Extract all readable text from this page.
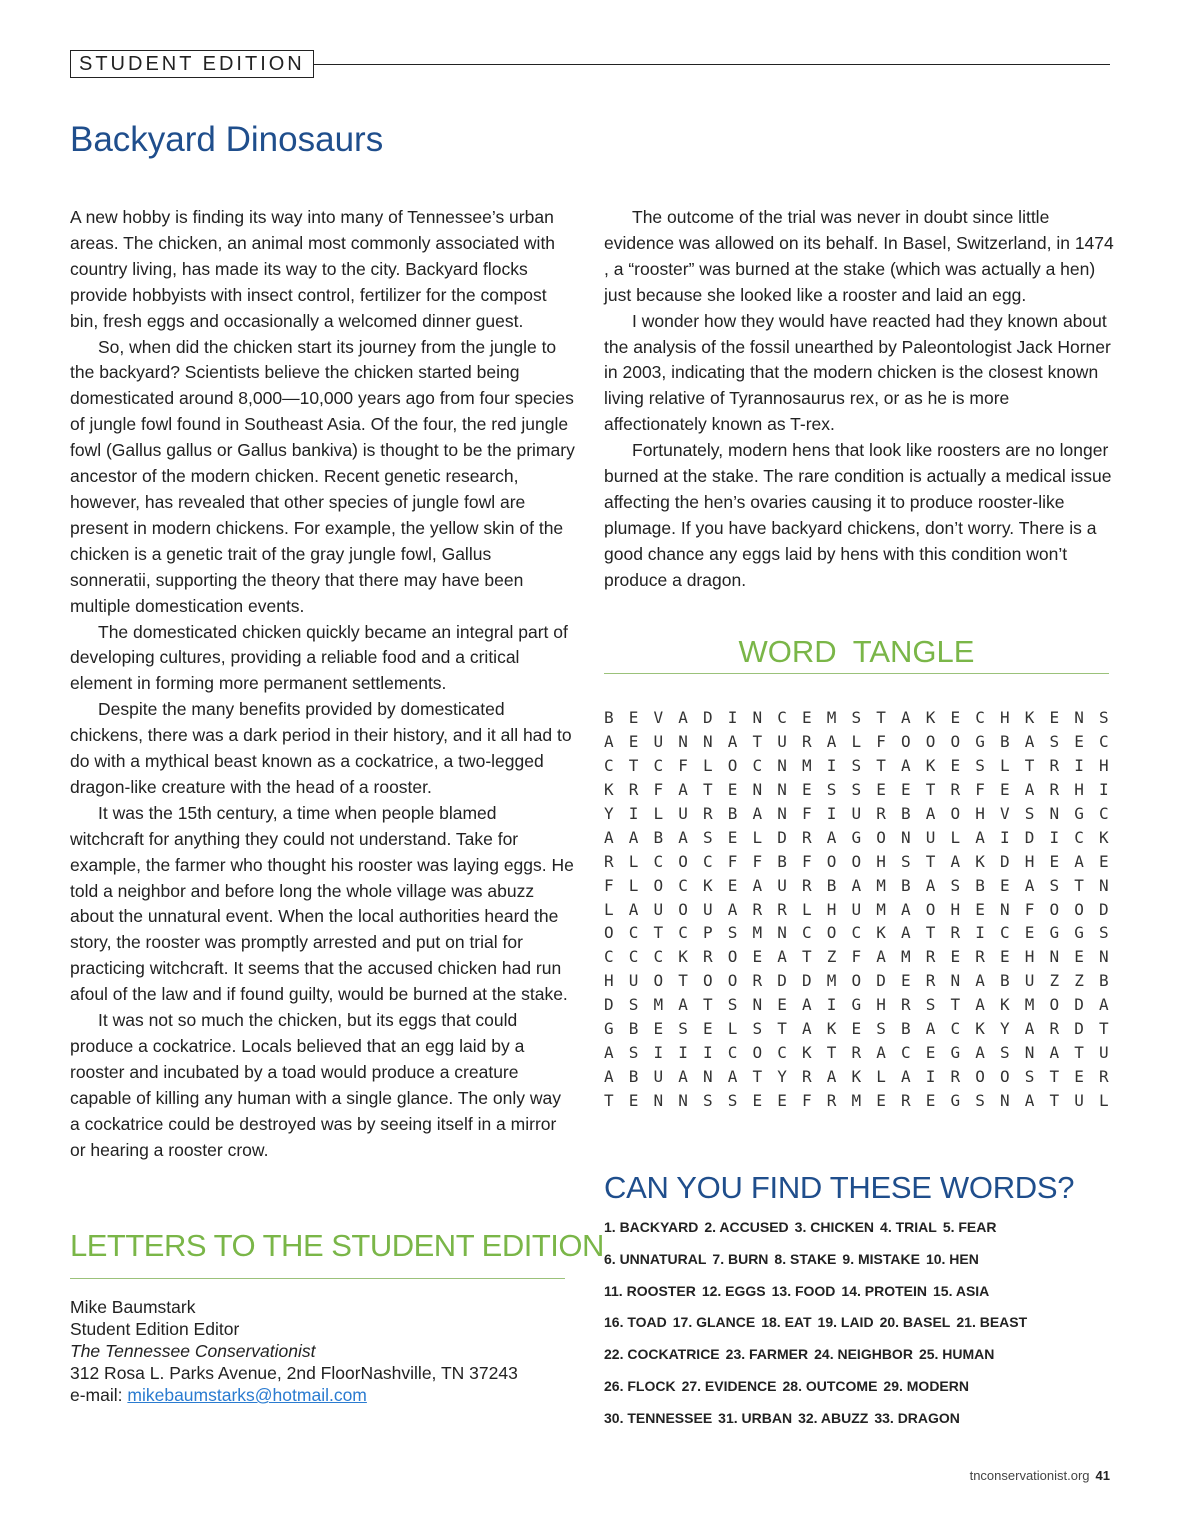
STUDENT EDITION
Backyard Dinosaurs

A new hobby is finding its way into many of Tennessee’s urban areas. The chicken, an animal most commonly associated with country living, has made its way to the city. Backyard flocks provide hobbyists with insect control, fertilizer for the compost bin, fresh eggs and occasionally a welcomed dinner guest.

So, when did the chicken start its journey from the jungle to the backyard? Scientists believe the chicken started being domesticated around 8,000—10,000 years ago from four species of jungle fowl found in Southeast Asia. Of the four, the red jungle fowl (Gallus gallus or Gallus bankiva) is thought to be the primary ancestor of the modern chicken. Recent genetic research, however, has revealed that other species of jungle fowl are present in modern chickens. For example, the yellow skin of the chicken is a genetic trait of the gray jungle fowl, Gallus sonneratii, supporting the theory that there may have been multiple domestication events.

The domesticated chicken quickly became an integral part of developing cultures, providing a reliable food and a critical element in forming more permanent settlements.

Despite the many benefits provided by domesticated chickens, there was a dark period in their history, and it all had to do with a mythical beast known as a cockatrice, a two-legged dragon-like creature with the head of a rooster.

It was the 15th century, a time when people blamed witchcraft for anything they could not understand. Take for example, the farmer who thought his rooster was laying eggs. He told a neighbor and before long the whole village was abuzz about the unnatural event. When the local authorities heard the story, the rooster was promptly arrested and put on trial for practicing witchcraft. It seems that the accused chicken had run afoul of the law and if found guilty, would be burned at the stake.

It was not so much the chicken, but its eggs that could produce a cockatrice. Locals believed that an egg laid by a rooster and incubated by a toad would produce a creature capable of killing any human with a single glance. The only way a cockatrice could be destroyed was by seeing itself in a mirror or hearing a rooster crow.

The outcome of the trial was never in doubt since little evidence was allowed on its behalf. In Basel, Switzerland, in 1474 , a “rooster” was burned at the stake (which was actually a hen) just because she looked like a rooster and laid an egg.

I wonder how they would have reacted had they known about the analysis of the fossil unearthed by Paleontologist Jack Horner in 2003, indicating that the modern chicken is the closest known living relative of Tyrannosaurus rex, or as he is more affectionately known as T-rex.

Fortunately, modern hens that look like roosters are no longer burned at the stake. The rare condition is actually a medical issue affecting the hen’s ovaries causing it to produce rooster-like plumage. If you have backyard chickens, don’t worry. There is a good chance any eggs laid by hens with this condition won’t produce a dragon.

LETTERS TO THE STUDENT EDITION
Mike Baumstark
Student Edition Editor
The Tennessee Conservationist
312 Rosa L. Parks Avenue, 2nd FloorNashville, TN 37243
e-mail: mikebaumstarks@hotmail.com
WORD TANGLE
B E V A D I N C E M S T A K E C H K E N S
A E U N N A T U R A L F O O O G B A S E C
C T C F L O C N M I S T A K E S L T R I H
K R F A T E N N E S S E E T R F E A R H I
Y I L U R B A N F I U R B A O H V S N G C
A A B A S E L D R A G O N U L A I D I C K
R L C O C F F B F O O H S T A K D H E A E
F L O C K E A U R B A M B A S B E A S T N
L A U O U A R R L H U M A O H E N F O O D
O C T C P S M N C O C K A T R I C E G G S
C C C K R O E A T Z F A M R E R E H N E N
H U O T O O R D D M O D E R N A B U Z Z B
D S M A T S N E A I G H R S T A K M O D A
G B E S E L S T A K E S B A C K Y A R D T
A S I I I C O C K T R A C E G A S N A T U
A B U A N A T Y R A K L A I R O O S T E R
T E N N S S E E F R M E R E G S N A T U L
CAN YOU FIND THESE WORDS?
1. BACKYARD 2. ACCUSED 3. CHICKEN 4. TRIAL 5. FEAR
6. UNNATURAL 7. BURN 8. STAKE 9. MISTAKE 10. HEN
11. ROOSTER 12. EGGS 13. FOOD 14. PROTEIN 15. ASIA
16. TOAD 17. GLANCE 18. EAT 19. LAID 20. BASEL 21. BEAST
22. COCKATRICE 23. FARMER 24. NEIGHBOR 25. HUMAN
26. FLOCK 27. EVIDENCE 28. OUTCOME 29. MODERN
30. TENNESSEE 31. URBAN 32. ABUZZ 33. DRAGON
tnconservationist.org 41
